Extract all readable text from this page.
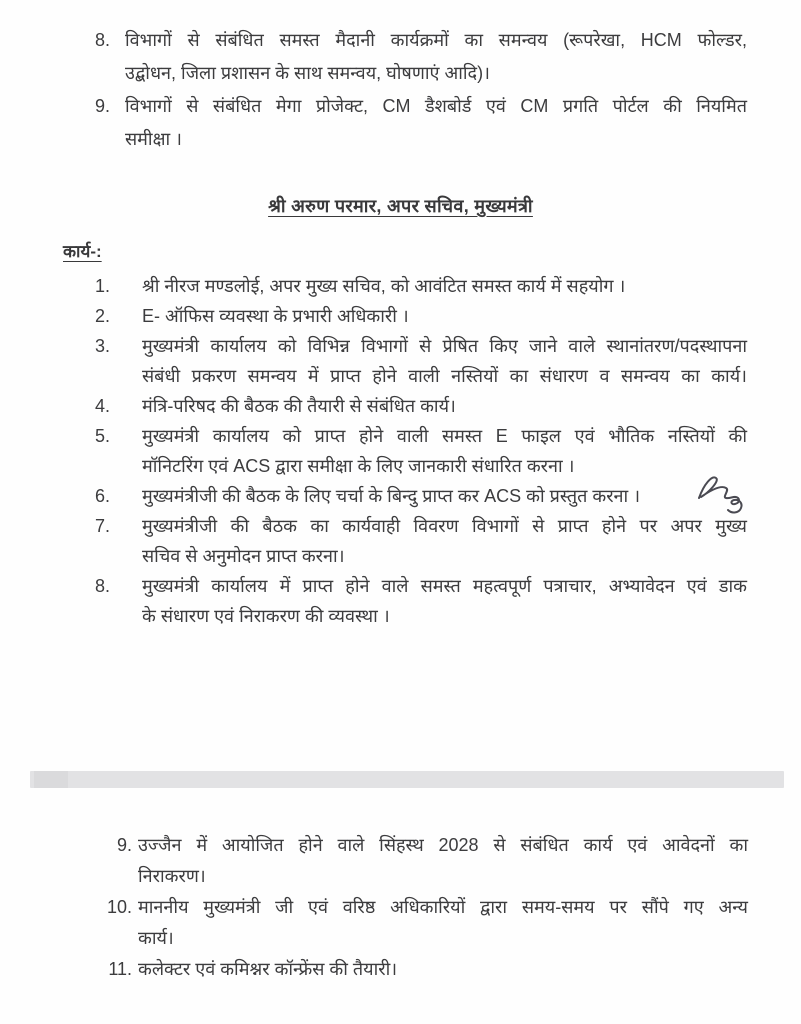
8. विभागों से संबंधित समस्त मैदानी कार्यक्रमों का समन्वय (रूपरेखा, HCM फोल्डर,
उद्बोधन, जिला प्रशासन के साथ समन्वय, घोषणाएं आदि)।
9. विभागों से संबंधित मेगा प्रोजेक्ट, CM डैशबोर्ड एवं CM प्रगति पोर्टल की नियमित
समीक्षा ।
श्री अरुण परमार, अपर सचिव, मुख्यमंत्री
कार्य-:
1.	श्री नीरज मण्डलोई, अपर मुख्य सचिव, को आवंटित समस्त कार्य में सहयोग ।
2.	E- ऑफिस व्यवस्था के प्रभारी अधिकारी ।
3.	मुख्यमंत्री कार्यालय को विभिन्न विभागों से प्रेषित किए जाने वाले स्थानांतरण/पदस्थापना
संबंधी प्रकरण समन्वय में प्राप्त होने वाली नस्तियों का संधारण व समन्वय का कार्य।
4.	मंत्रि-परिषद की बैठक की तैयारी से संबंधित कार्य।
5.	मुख्यमंत्री कार्यालय को प्राप्त होने वाली समस्त E फाइल एवं भौतिक नस्तियों की
मॉनिटरिंग एवं ACS द्वारा समीक्षा के लिए जानकारी संधारित करना ।
6.	मुख्यमंत्रीजी की बैठक के लिए चर्चा के बिन्दु प्राप्त कर ACS को प्रस्तुत करना ।
7.	मुख्यमंत्रीजी की बैठक का कार्यवाही विवरण विभागों से प्राप्त होने पर अपर मुख्य
सचिव से अनुमोदन प्राप्त करना।
8.	मुख्यमंत्री कार्यालय में प्राप्त होने वाले समस्त महत्वपूर्ण पत्राचार, अभ्यावेदन एवं डाक
के संधारण एवं निराकरण की व्यवस्था ।
9. उज्जैन में आयोजित होने वाले सिंहस्थ 2028 से संबंधित कार्य एवं आवेदनों का
निराकरण।
10. माननीय मुख्यमंत्री जी एवं वरिष्ठ अधिकारियों द्वारा समय-समय पर सौंपे गए अन्य
कार्य।
11. कलेक्टर एवं कमिश्नर कॉन्फ्रेंस की तैयारी।
